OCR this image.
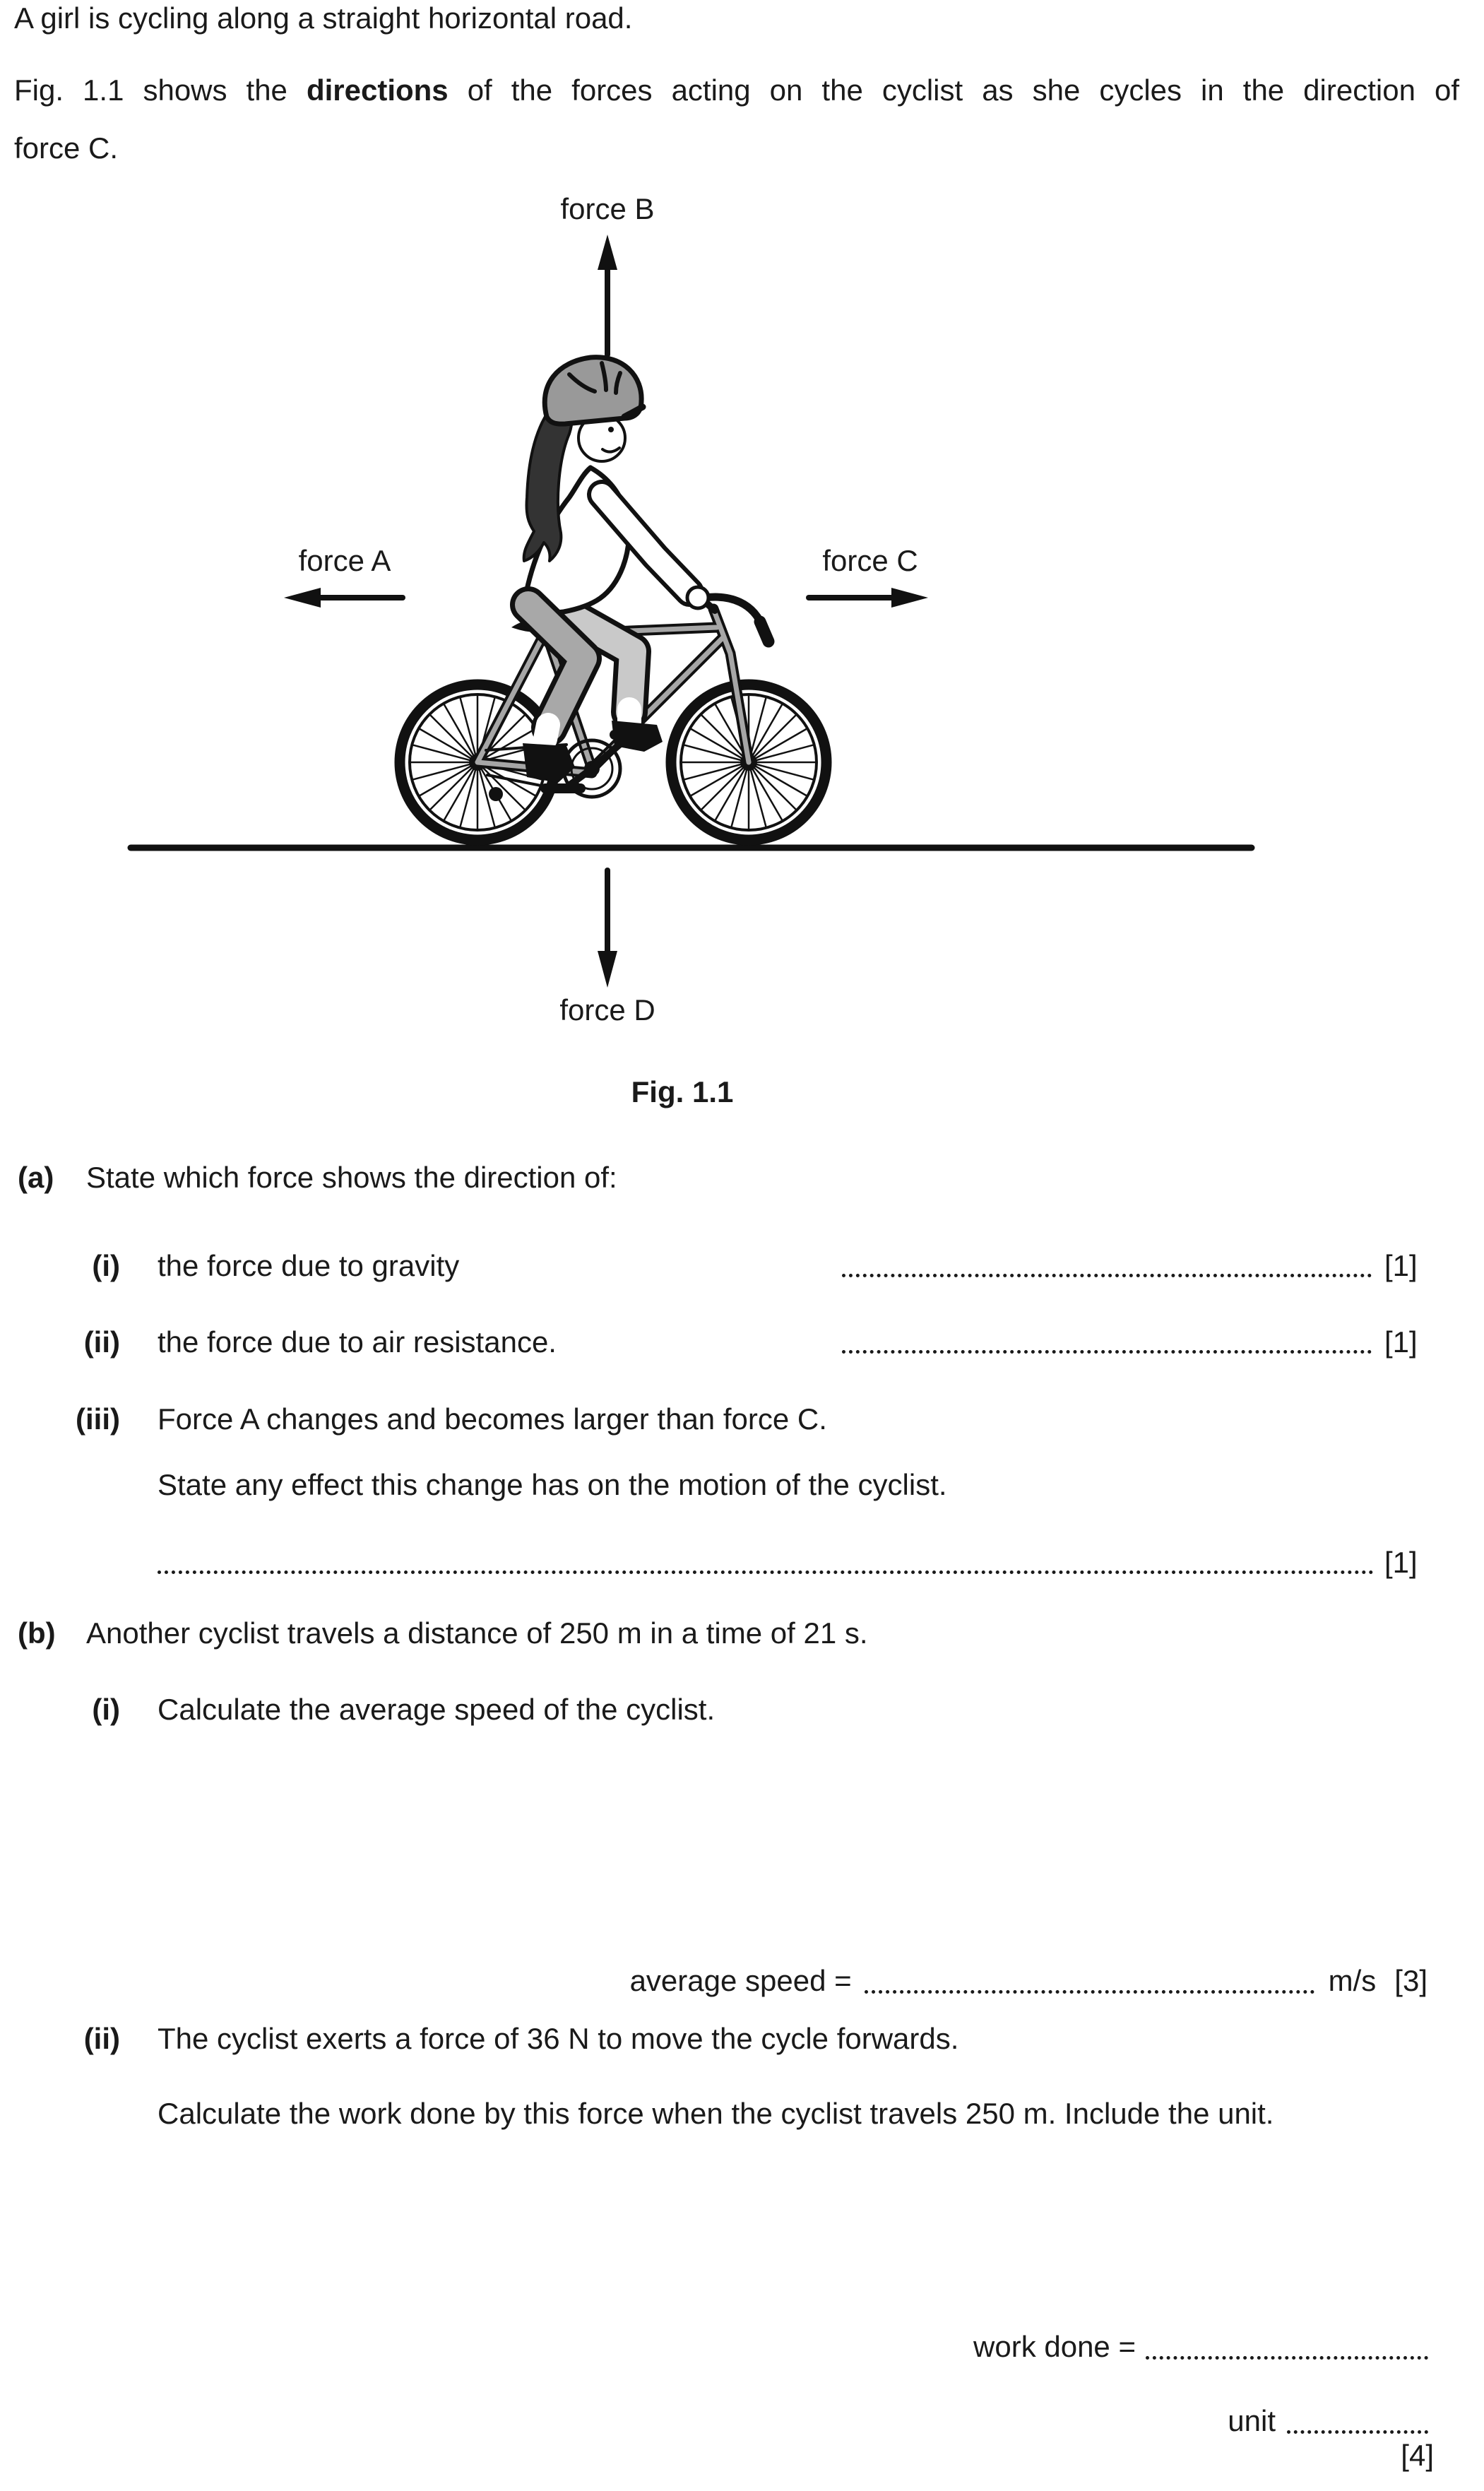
A girl is cycling along a straight horizontal road.
Fig. 1.1 shows the directions of the forces acting on the cyclist as she cycles in the direction of
force C.
force B
force A	force C
force D
Fig. 1.1
(a) State which force shows the direction of:
(i) the force due to gravity	[1]
(ii) the force due to air resistance.	[1]
(iii) Force A changes and becomes larger than force C.
State any effect this change has on the motion of the cyclist.
[1]
(b) Another cyclist travels a distance of 250 m in a time of 21 s.
(i) Calculate the average speed of the cyclist.
average speed =	m/s [3]
(ii) The cyclist exerts a force of 36 N to move the cycle forwards.
Calculate the work done by this force when the cyclist travels 250 m. Include the unit.
work done =
unit
[4]
